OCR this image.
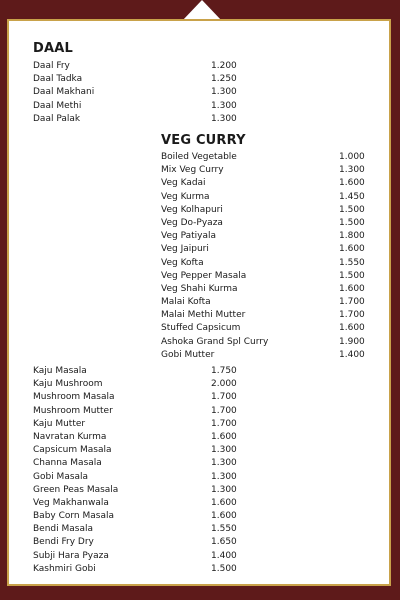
DAAL
Daal Fry	1.200
Daal Tadka	1.250
Daal Makhani	1.300
Daal Methi	1.300
Daal Palak	1.300
VEG CURRY
Boiled Vegetable	1.000
Mix Veg Curry	1.300
Veg Kadai	1.600
Veg Kurma	1.450
Veg Kolhapuri	1.500
Veg Do-Pyaza	1.500
Veg Patiyala	1.800
Veg Jaipuri	1.600
Veg Kofta	1.550
Veg Pepper Masala	1.500
Veg Shahi Kurma	1.600
Malai Kofta	1.700
Malai Methi Mutter	1.700
Stuffed Capsicum	1.600
Ashoka Grand Spl Curry	1.900
Gobi Mutter	1.400
Kaju Masala	1.750
Kaju Mushroom	2.000
Mushroom Masala	1.700
Mushroom Mutter	1.700
Kaju Mutter	1.700
Navratan Kurma	1.600
Capsicum Masala	1.300
Channa Masala	1.300
Gobi Masala	1.300
Green Peas Masala	1.300
Veg Makhanwala	1.600
Baby Corn Masala	1.600
Bendi Masala	1.550
Bendi Fry Dry	1.650
Subji Hara Pyaza	1.400
Kashmiri Gobi	1.500
